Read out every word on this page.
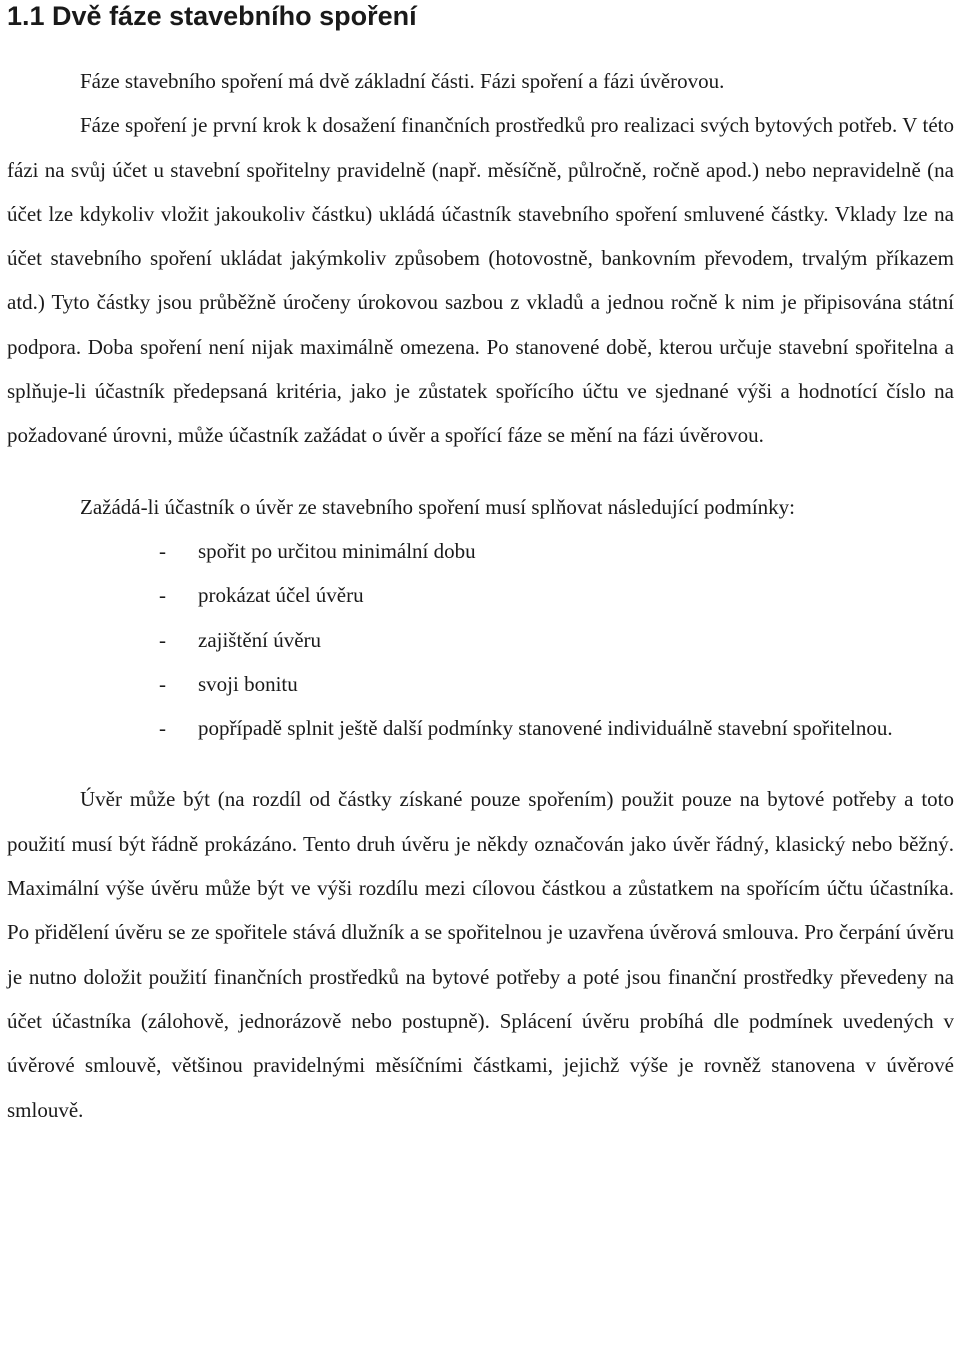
1.1 Dvě fáze stavebního spoření

Fáze stavebního spoření má dvě základní části. Fázi spoření a fázi úvěrovou.

Fáze spoření je první krok k dosažení finančních prostředků pro realizaci svých bytových potřeb. V této fázi na svůj účet u stavební spořitelny pravidelně (např. měsíčně, půlročně, ročně apod.) nebo nepravidelně (na účet lze kdykoliv vložit jakoukoliv částku) ukládá účastník stavebního spoření smluvené částky. Vklady lze na účet stavebního spoření ukládat jakýmkoliv způsobem (hotovostně, bankovním převodem, trvalým příkazem atd.) Tyto částky jsou průběžně úročeny úrokovou sazbou z vkladů a jednou ročně k nim je připisována státní podpora. Doba spoření není nijak maximálně omezena. Po stanovené době, kterou určuje stavební spořitelna a splňuje-li účastník předepsaná kritéria, jako je zůstatek spořícího účtu ve sjednané výši a hodnotící číslo na požadované úrovni, může účastník zažádat o úvěr a spořící fáze se mění na fázi úvěrovou.

Zažádá-li účastník o úvěr ze stavebního spoření musí splňovat následující podmínky:

- spořit po určitou minimální dobu
- prokázat účel úvěru
- zajištění úvěru
- svoji bonitu
- popřípadě splnit ještě další podmínky stanovené individuálně stavební spořitelnou.

Úvěr může být (na rozdíl od částky získané pouze spořením) použit pouze na bytové potřeby a toto použití musí být řádně prokázáno. Tento druh úvěru je někdy označován jako úvěr řádný, klasický nebo běžný. Maximální výše úvěru může být ve výši rozdílu mezi cílovou částkou a zůstatkem na spořícím účtu účastníka. Po přidělení úvěru se ze spořitele stává dlužník a se spořitelnou je uzavřena úvěrová smlouva. Pro čerpání úvěru je nutno doložit použití finančních prostředků na bytové potřeby a poté jsou finanční prostředky převedeny na účet účastníka (zálohově, jednorázově nebo postupně). Splácení úvěru probíhá dle podmínek uvedených v úvěrové smlouvě, většinou pravidelnými měsíčními částkami, jejichž výše je rovněž stanovena v úvěrové smlouvě.
